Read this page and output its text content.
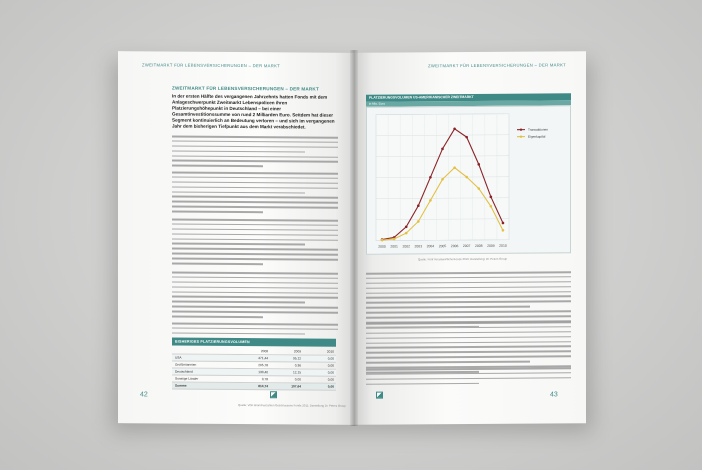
ZWEITMARKT FÜR LEBENSVERSICHERUNGEN – DER MARKT
ZWEITMARKT FÜR LEBENSVERSICHERUNGEN – DER MARKT
In der ersten Hälfte des vergangenen Jahrzehnts hatten Fonds mit dem Anlageschwerpunkt Zweitmarkt Lebenspolicen ihren Platzierungshöhepunkt in Deutschland – bei einer Gesamtinvestitionssumme von rund 2 Milliarden Euro. Seitdem hat dieser Segment kontinuierlich an Bedeutung verloren – und sich im vergangenen Jahr dem bisherigen Tiefpunkt aus dem Markt verabschiedet.
BISHERIGES PLATZIERUNGSVOLUMEN
2008	2009	2010
USA	471,44	95,12	0,00
Großbritannien	205,78	0,36	0,00
Deutschland	133,40	12,15	0,00
Sonstige Länder	3,78	0,00	0,00
Summe	814,74	107,64	0,00
Quelle: VGF Branchenzahlen Geschlossene Fonds 2011; Darstellung Dr. Peters Group
42
ZWEITMARKT FÜR LEBENSVERSICHERUNGEN – DER MARKT
PLATZIERUNGSVOLUMEN US-AMERIKANISCHER ZWEITMARKT
in Mio. Euro
2000 2001 2002 2003 2004 2005 2006 2007 2008 2009 2010
Transaktionen
Eigenkapital
Quelle: Fünf Verantwortliche/Fonds 2010; Darstellung: Dr. Peters Group
43
